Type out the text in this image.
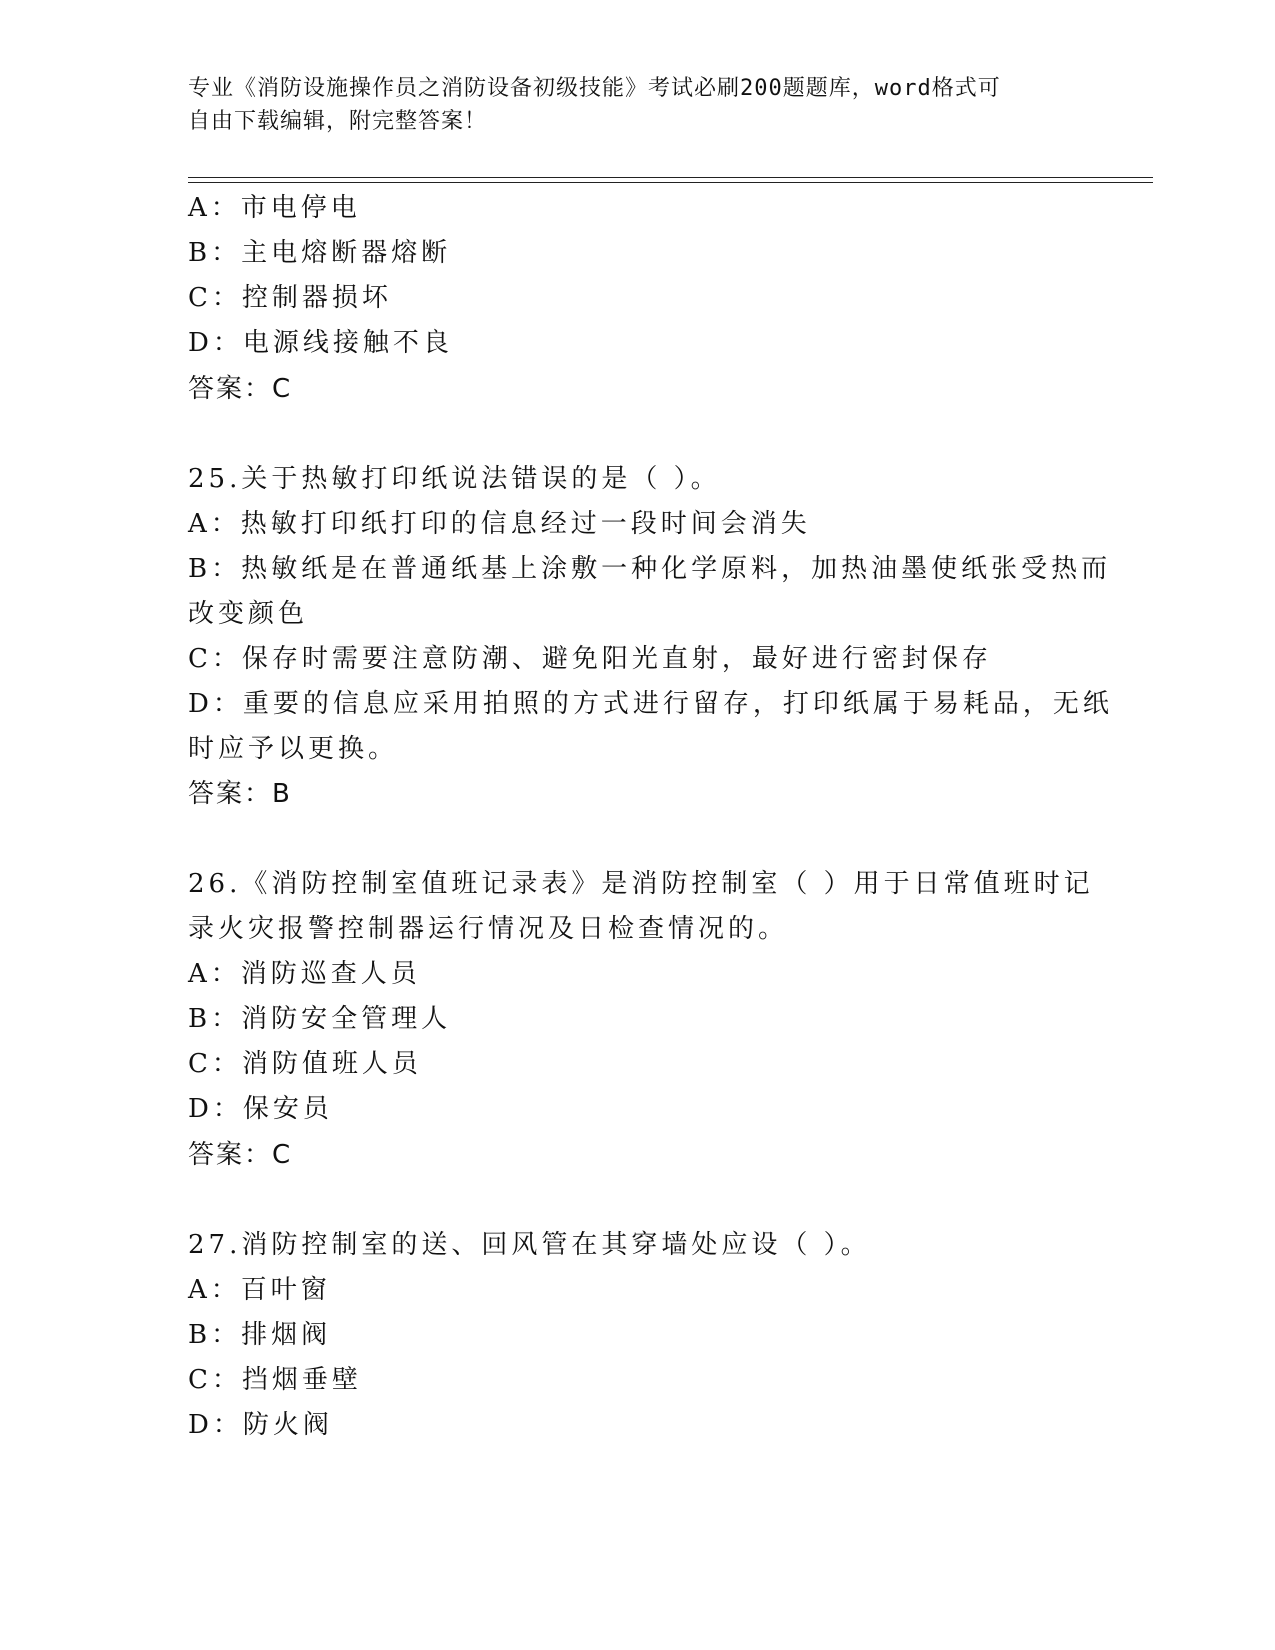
专业《消防设施操作员之消防设备初级技能》考试必刷200题题库，word格式可
自由下载编辑，附完整答案！
A：市电停电
B：主电熔断器熔断
C：控制器损坏
D：电源线接触不良
答案：C
25.关于热敏打印纸说法错误的是（ ）。
A：热敏打印纸打印的信息经过一段时间会消失
B：热敏纸是在普通纸基上涂敷一种化学原料，加热油墨使纸张受热而
改变颜色
C：保存时需要注意防潮、避免阳光直射，最好进行密封保存
D：重要的信息应采用拍照的方式进行留存，打印纸属于易耗品，无纸
时应予以更换。
答案：B
26.《消防控制室值班记录表》是消防控制室（ ）用于日常值班时记
录火灾报警控制器运行情况及日检查情况的。
A：消防巡查人员
B：消防安全管理人
C：消防值班人员
D：保安员
答案：C
27.消防控制室的送、回风管在其穿墙处应设（ ）。
A：百叶窗
B：排烟阀
C：挡烟垂壁
D：防火阀
